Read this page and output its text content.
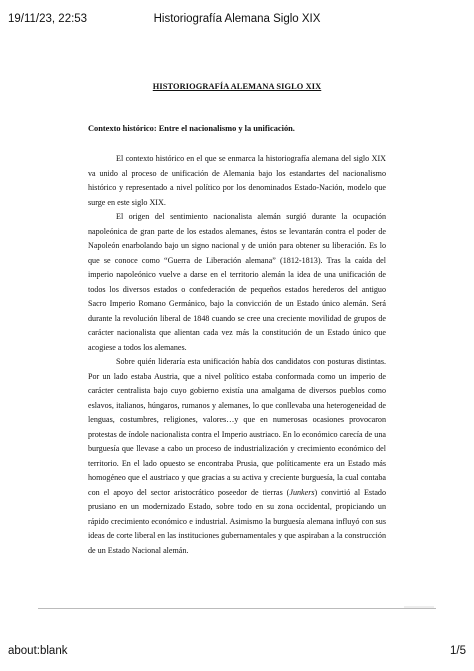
19/11/23, 22:53	Historiografía Alemana Siglo XIX
HISTORIOGRAFÍA ALEMANA SIGLO XIX
Contexto histórico: Entre el nacionalismo y la unificación.

El contexto histórico en el que se enmarca la historiografía alemana del siglo XIX va unido al proceso de unificación de Alemania bajo los estandartes del nacionalismo histórico y representado a nivel político por los denominados Estado-Nación, modelo que surge en este siglo XIX.

El origen del sentimiento nacionalista alemán surgió durante la ocupación napoleónica de gran parte de los estados alemanes, éstos se levantarán contra el poder de Napoleón enarbolando bajo un signo nacional y de unión para obtener su liberación. Es lo que se conoce como “Guerra de Liberación alemana” (1812-1813). Tras la caída del imperio napoleónico vuelve a darse en el territorio alemán la idea de una unificación de todos los diversos estados o confederación de pequeños estados herederos del antiguo Sacro Imperio Romano Germánico, bajo la convicción de un Estado único alemán. Será durante la revolución liberal de 1848 cuando se cree una creciente movilidad de grupos de carácter nacionalista que alientan cada vez más la constitución de un Estado único que acogiese a todos los alemanes.

Sobre quién lideraría esta unificación había dos candidatos con posturas distintas. Por un lado estaba Austria, que a nivel político estaba conformada como un imperio de carácter centralista bajo cuyo gobierno existía una amalgama de diversos pueblos como eslavos, italianos, húngaros, rumanos y alemanes, lo que conllevaba una heterogeneidad de lenguas, costumbres, religiones, valores…y que en numerosas ocasiones provocaron protestas de índole nacionalista contra el Imperio austriaco. En lo económico carecía de una burguesía que llevase a cabo un proceso de industrialización y crecimiento económico del territorio. En el lado opuesto se encontraba Prusia, que políticamente era un Estado más homogéneo que el austriaco y que gracias a su activa y creciente burguesía, la cual contaba con el apoyo del sector aristocrático poseedor de tierras (Junkers) convirtió al Estado prusiano en un modernizado Estado, sobre todo en su zona occidental, propiciando un rápido crecimiento económico e industrial. Asimismo la burguesía alemana influyó con sus ideas de corte liberal en las instituciones gubernamentales y que aspiraban a la construcción de un Estado Nacional alemán.

about:blank	1/5
